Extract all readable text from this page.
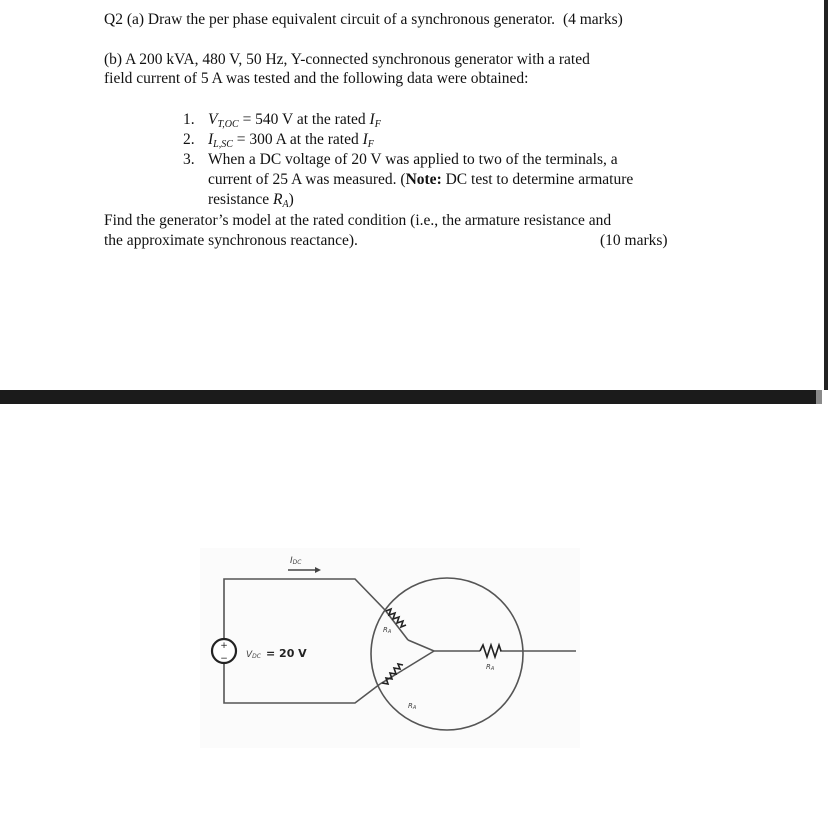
Q2 (a) Draw the per phase equivalent circuit of a synchronous generator. (4 marks)
(b) A 200 kVA, 480 V, 50 Hz, Y-connected synchronous generator with a rated
field current of 5 A was tested and the following data were obtained:
1. $V_{T,OC} = 540$ V at the rated $I_F$
2. $I_{L,SC} = 300$ A at the rated $I_F$
3. When a DC voltage of 20 V was applied to two of the terminals, a
current of 25 A was measured. (Note: DC test to determine armature
resistance $R_A$)
Find the generator’s model at the rated condition (i.e., the armature resistance and
the approximate synchronous reactance).	(10 marks)
+
−
IDC
VDC = 20 V
RA
RA
RA
